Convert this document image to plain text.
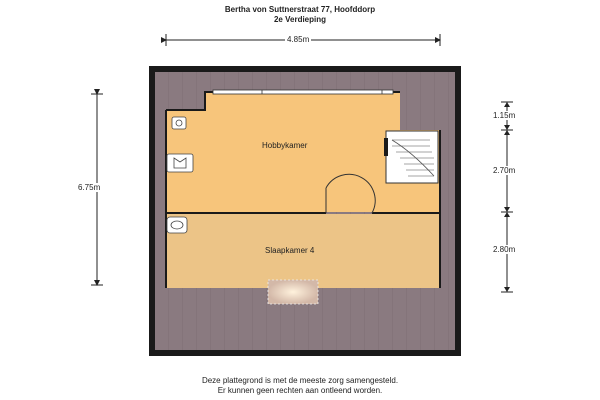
Bertha von Suttnerstraat 77, Hoofddorp
2e Verdieping
4.85m
6.75m
1.15m
2.70m
2.80m
Hobbykamer
Slaapkamer 4
Deze plattegrond is met de meeste zorg samengesteld.
Er kunnen geen rechten aan ontleend worden.
